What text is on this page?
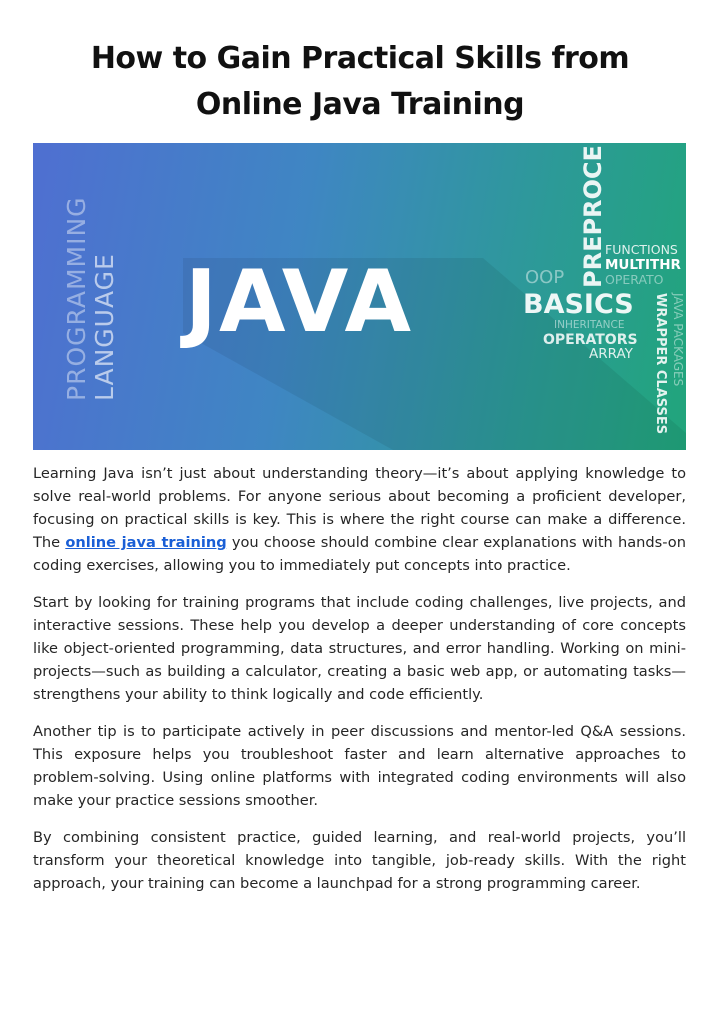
How to Gain Practical Skills from
Online Java Training
PROGRAMMING LANGUAGE JAVA
PREPROCE
FUNCTIONS
MULTITHR
OOP	OPERATO
BASICS
INHERITANCE
OPERATORS
ARRAY WRAPPER CLASSES JAVA PACKAGES

Learning Java isn’t just about understanding theory—it’s about applying knowledge to solve real-world problems. For anyone serious about becoming a proficient developer, focusing on practical skills is key. This is where the right course can make a difference. The online java training you choose should combine clear explanations with hands-on coding exercises, allowing you to immediately put concepts into practice.

Start by looking for training programs that include coding challenges, live projects, and interactive sessions. These help you develop a deeper understanding of core concepts like object-oriented programming, data structures, and error handling. Working on mini-projects—such as building a calculator, creating a basic web app, or automating tasks—strengthens your ability to think logically and code efficiently.

Another tip is to participate actively in peer discussions and mentor-led Q&A sessions. This exposure helps you troubleshoot faster and learn alternative approaches to problem-solving. Using online platforms with integrated coding environments will also make your practice sessions smoother.

By combining consistent practice, guided learning, and real-world projects, you’ll transform your theoretical knowledge into tangible, job-ready skills. With the right approach, your training can become a launchpad for a strong programming career.
